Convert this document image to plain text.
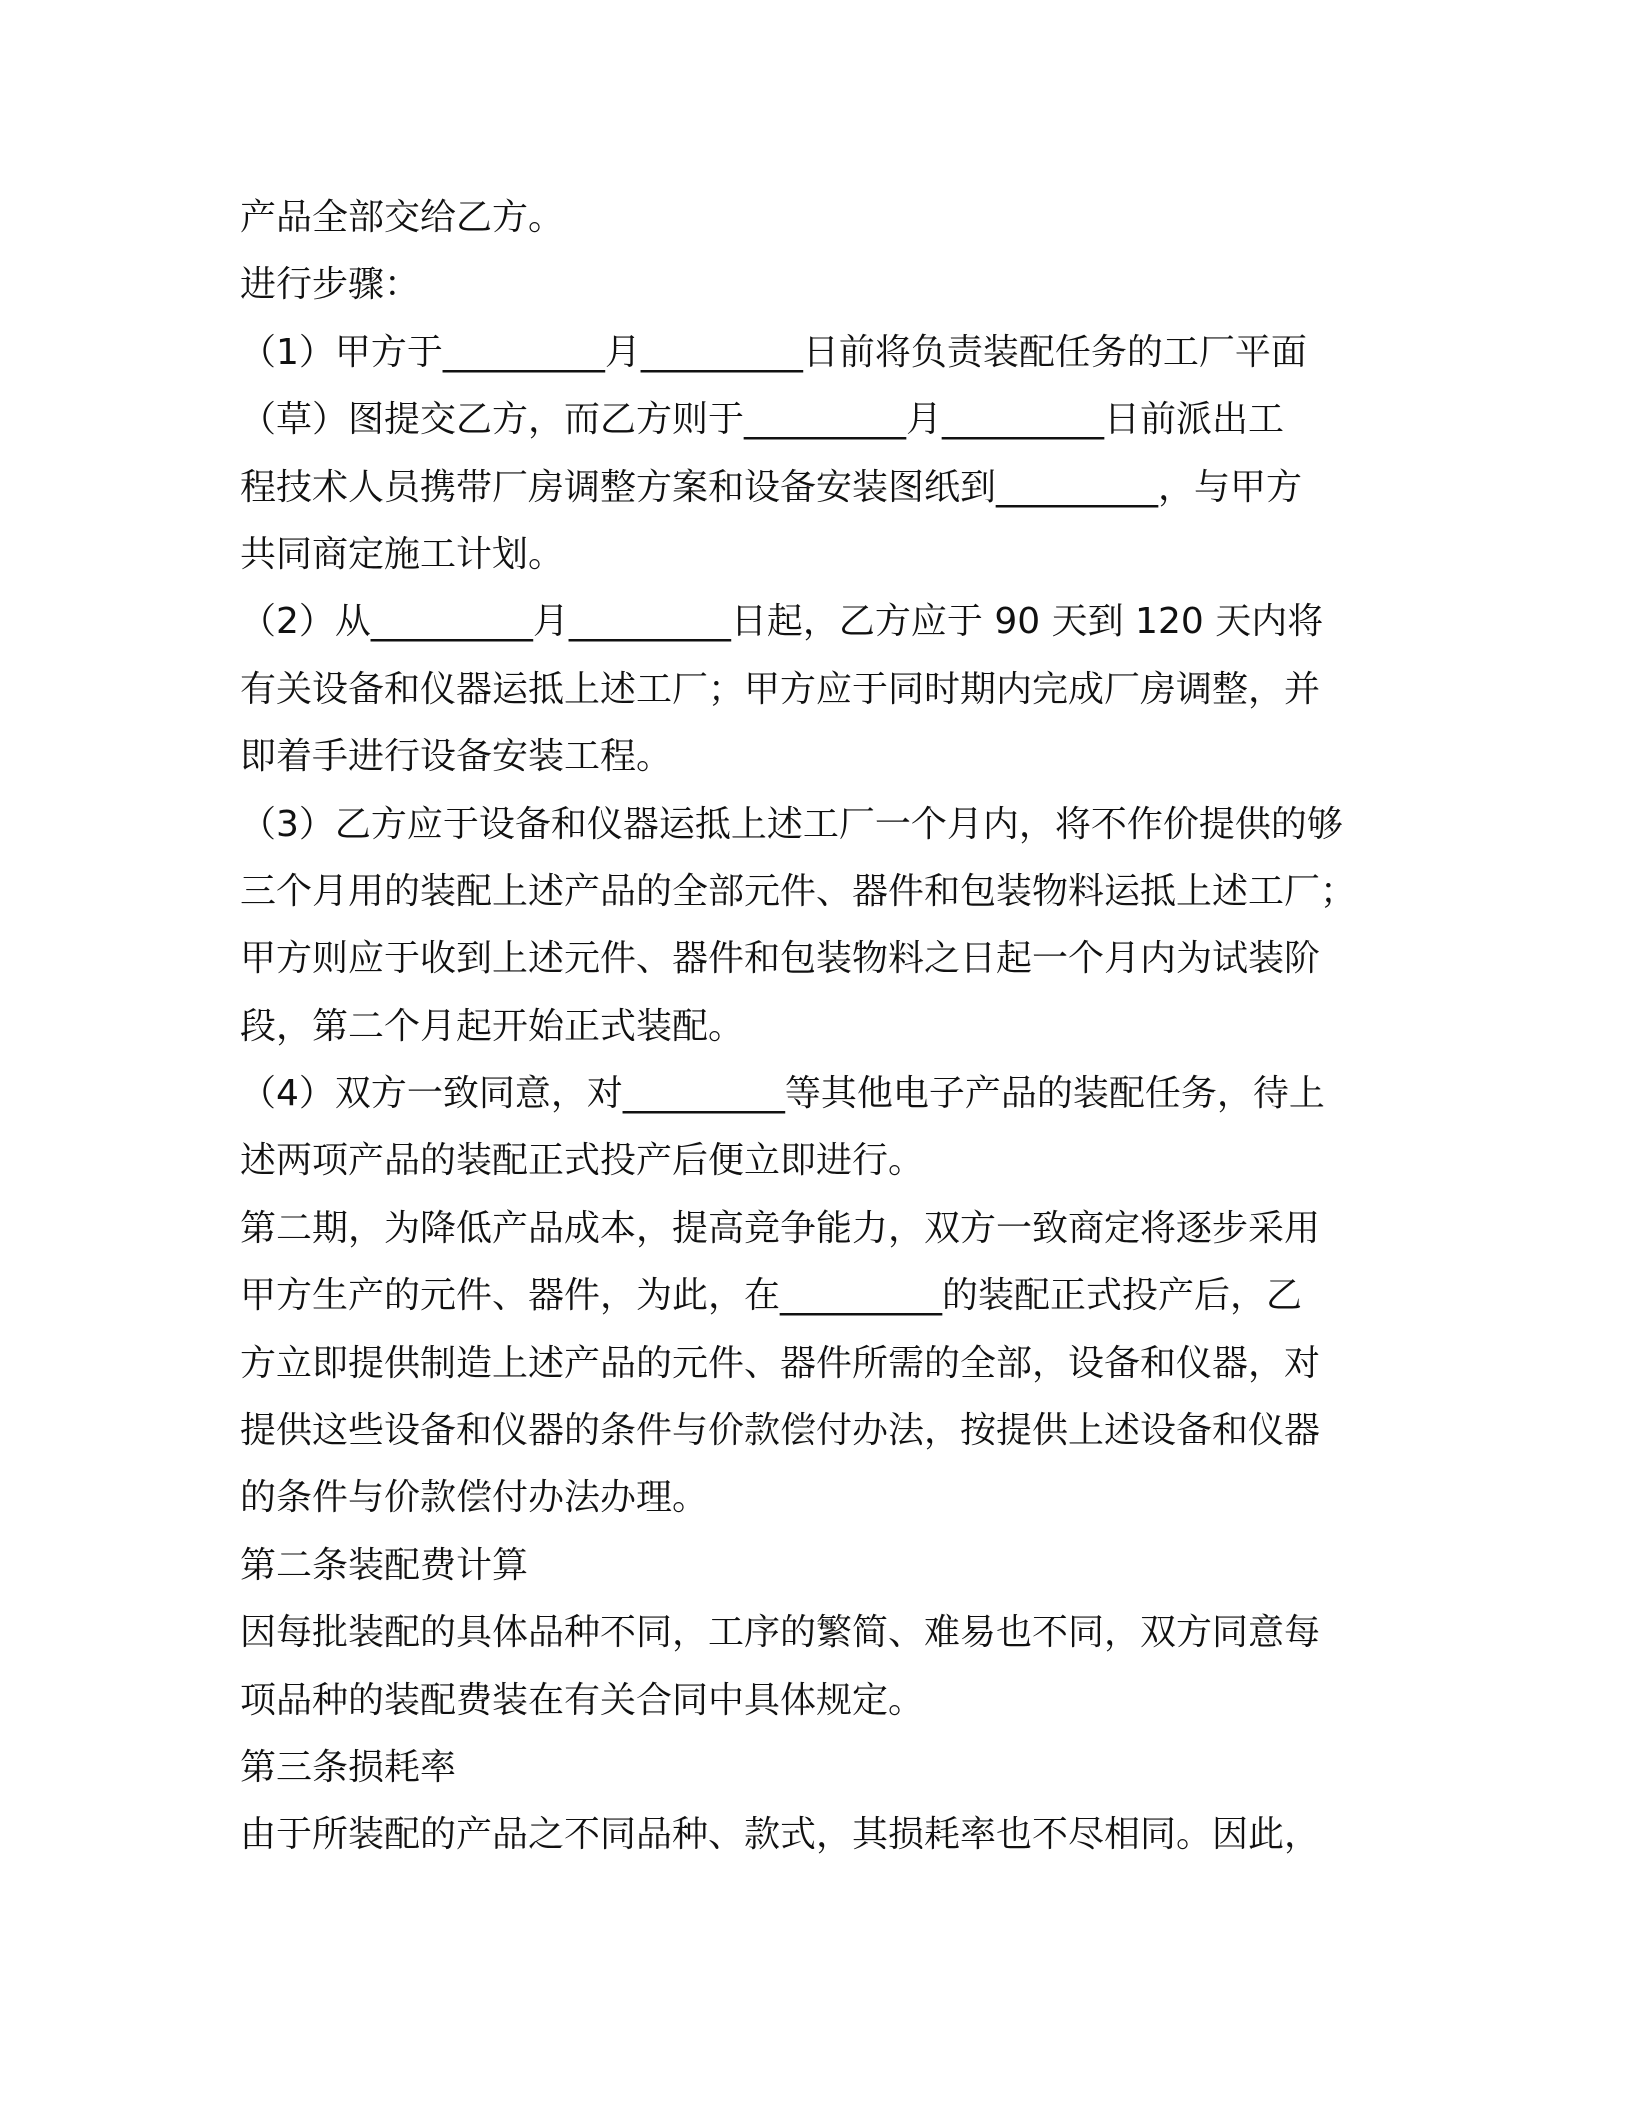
产品全部交给乙方。
进行步骤：
（1）甲方于_________月_________日前将负责装配任务的工厂平面
（草）图提交乙方，而乙方则于_________月_________日前派出工
程技术人员携带厂房调整方案和设备安装图纸到_________，与甲方
共同商定施工计划。
（2）从_________月_________日起，乙方应于 90 天到 120 天内将
有关设备和仪器运抵上述工厂；甲方应于同时期内完成厂房调整，并
即着手进行设备安装工程。
（3）乙方应于设备和仪器运抵上述工厂一个月内，将不作价提供的够
三个月用的装配上述产品的全部元件、器件和包装物料运抵上述工厂；
甲方则应于收到上述元件、器件和包装物料之日起一个月内为试装阶
段，第二个月起开始正式装配。
（4）双方一致同意，对_________等其他电子产品的装配任务，待上
述两项产品的装配正式投产后便立即进行。
第二期，为降低产品成本，提高竞争能力，双方一致商定将逐步采用
甲方生产的元件、器件，为此，在_________的装配正式投产后，乙
方立即提供制造上述产品的元件、器件所需的全部，设备和仪器，对
提供这些设备和仪器的条件与价款偿付办法，按提供上述设备和仪器
的条件与价款偿付办法办理。
第二条装配费计算
因每批装配的具体品种不同，工序的繁简、难易也不同，双方同意每
项品种的装配费装在有关合同中具体规定。
第三条损耗率
由于所装配的产品之不同品种、款式，其损耗率也不尽相同。因此，
